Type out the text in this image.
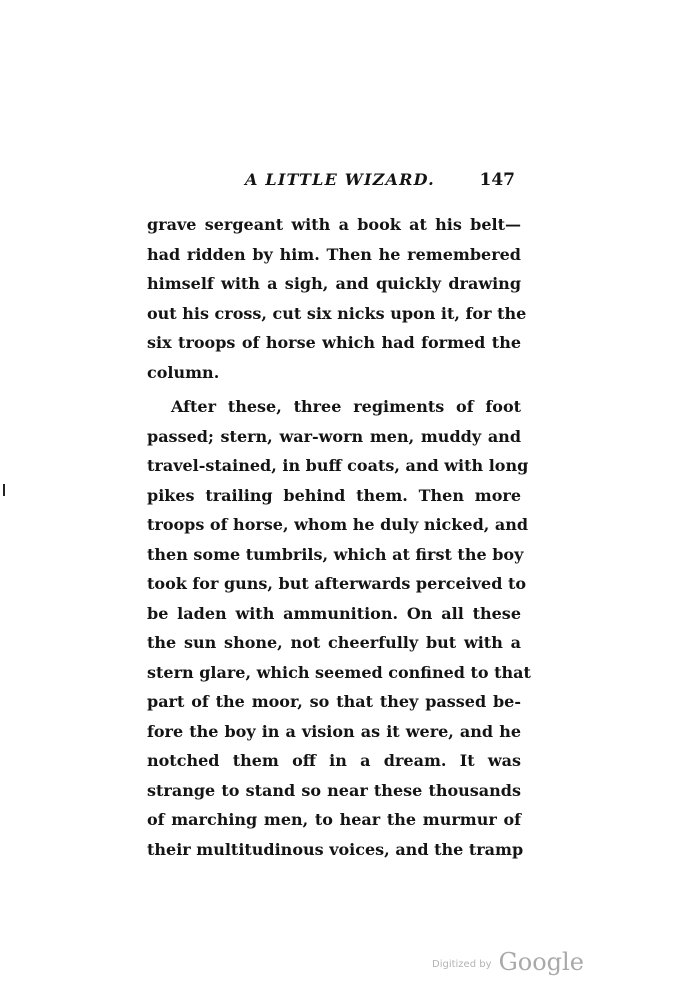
A LITTLE WIZARD.	147
grave sergeant with a book at his belt—
had ridden by him. Then he remembered
himself with a sigh, and quickly drawing
out his cross, cut six nicks upon it, for the
six troops of horse which had formed the
column.
After these, three regiments of foot
passed; stern, war-worn men, muddy and
travel-stained, in buff coats, and with long
pikes trailing behind them. Then more
troops of horse, whom he duly nicked, and
then some tumbrils, which at first the boy
took for guns, but afterwards perceived to
be laden with ammunition. On all these
the sun shone, not cheerfully but with a
stern glare, which seemed confined to that
part of the moor, so that they passed be-
fore the boy in a vision as it were, and he
notched them off in a dream. It was
strange to stand so near these thousands
of marching men, to hear the murmur of
their multitudinous voices, and the tramp
Digitized by Google
